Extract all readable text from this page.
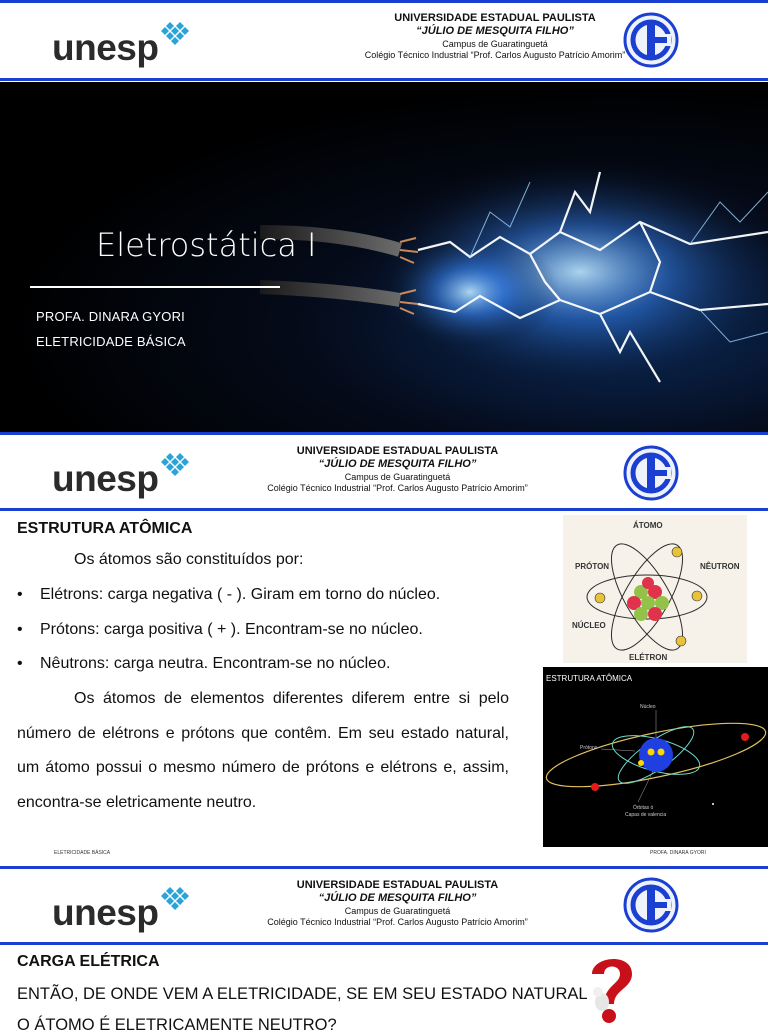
unesp
UNIVERSIDADE ESTADUAL PAULISTA
“JÚLIO DE MESQUITA FILHO”
Campus de Guaratinguetá
Colégio Técnico Industrial “Prof. Carlos Augusto Patrício Amorim”
Eletrostática I
PROFA. DINARA GYORI
ELETRICIDADE BÁSICA
unesp
UNIVERSIDADE ESTADUAL PAULISTA
“JÚLIO DE MESQUITA FILHO”
Campus de Guaratinguetá
Colégio Técnico Industrial “Prof. Carlos Augusto Patrício Amorim”
ESTRUTURA ATÔMICA
Os átomos são constituídos por:
•	Elétrons: carga negativa ( - ). Giram em torno do núcleo.
•	Prótons: carga positiva ( + ). Encontram-se no núcleo.
•	Nêutrons: carga neutra. Encontram-se no núcleo.
Os átomos de elementos diferentes diferem entre si pelo número de elétrons e prótons que contêm. Em seu estado natural, um átomo possui o mesmo número de prótons e elétrons e, assim, encontra-se eletricamente neutro.
ELETRICIDADE BÁSICA	PROFA. DINARA GYORI
ÁTOMO
PRÓTON	NÊUTRON
NÚCLEO
ELÉTRON
ESTRUTURA ATÔMICA
Núcleo
Prótons
Órbitas ó
Capas de valencia
unesp
UNIVERSIDADE ESTADUAL PAULISTA
“JÚLIO DE MESQUITA FILHO”
Campus de Guaratinguetá
Colégio Técnico Industrial “Prof. Carlos Augusto Patrício Amorim”
CARGA ELÉTRICA
ENTÃO, DE ONDE VEM A ELETRICIDADE, SE EM SEU ESTADO NATURAL
O ÁTOMO É ELETRICAMENTE NEUTRO?
